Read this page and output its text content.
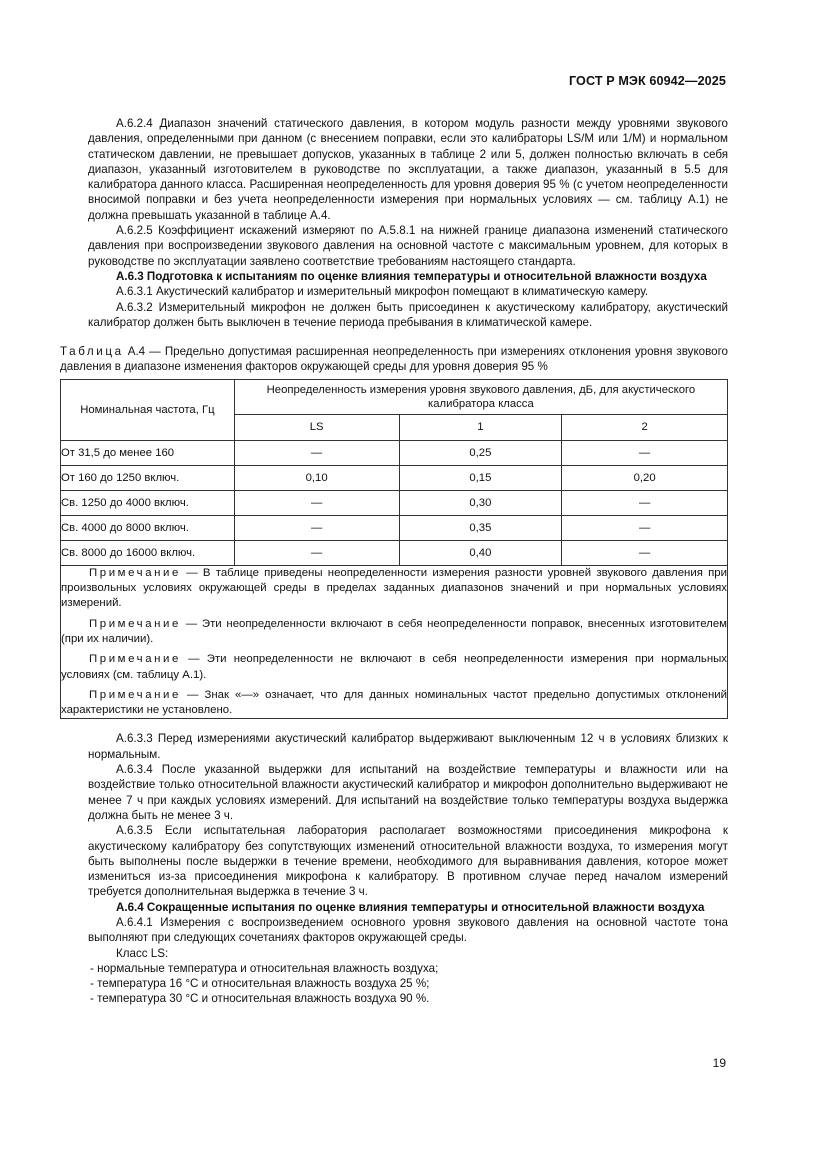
ГОСТ Р МЭК 60942—2025

А.6.2.4 Диапазон значений статического давления, в котором модуль разности между уровнями звукового давления, определенными при данном (с внесением поправки, если это калибраторы LS/M или 1/M) и нормальном статическом давлении, не превышает допусков, указанных в таблице 2 или 5, должен полностью включать в себя диапазон, указанный изготовителем в руководстве по эксплуатации, а также диапазон, указанный в 5.5 для калибратора данного класса. Расширенная неопределенность для уровня доверия 95 % (с учетом неопределенности вносимой поправки и без учета неопределенности измерения при нормальных условиях — см. таблицу А.1) не должна превышать указанной в таблице А.4.

А.6.2.5 Коэффициент искажений измеряют по А.5.8.1 на нижней границе диапазона изменений статического давления при воспроизведении звукового давления на основной частоте с максимальным уровнем, для которых в руководстве по эксплуатации заявлено соответствие требованиям настоящего стандарта.

А.6.3 Подготовка к испытаниям по оценке влияния температуры и относительной влажности воздуха

А.6.3.1 Акустический калибратор и измерительный микрофон помещают в климатическую камеру.

А.6.3.2 Измерительный микрофон не должен быть присоединен к акустическому калибратору, акустический калибратор должен быть выключен в течение периода пребывания в климатической камере.

Таблица А.4 — Предельно допустимая расширенная неопределенность при измерениях отклонения уровня звукового давления в диапазоне изменения факторов окружающей среды для уровня доверия 95 %

Номинальная частота, Гц	Неопределенность измерения уровня звукового давления, дБ, для акустического калибратора класса		
	LS	1	2
От 31,5 до менее 160	—	0,25	—
От 160 до 1250 включ.	0,10	0,15	0,20
Св. 1250 до 4000 включ.	—	0,30	—
Св. 4000 до 8000 включ.	—	0,35	—
Св. 8000 до 16000 включ.	—	0,40	—

Примечание — В таблице приведены неопределенности измерения разности уровней звукового давления при произвольных условиях окружающей среды в пределах заданных диапазонов значений и при нормальных условиях измерений.

Примечание — Эти неопределенности включают в себя неопределенности поправок, внесенных изготовителем (при их наличии).

Примечание — Эти неопределенности не включают в себя неопределенности измерения при нормальных условиях (см. таблицу А.1).

Примечание — Знак «—» означает, что для данных номинальных частот предельно допустимых отклонений характеристики не установлено.			

А.6.3.3 Перед измерениями акустический калибратор выдерживают выключенным 12 ч в условиях близких к нормальным.

А.6.3.4 После указанной выдержки для испытаний на воздействие температуры и влажности или на воздействие только относительной влажности акустический калибратор и микрофон дополнительно выдерживают не менее 7 ч при каждых условиях измерений. Для испытаний на воздействие только температуры воздуха выдержка должна быть не менее 3 ч.

А.6.3.5 Если испытательная лаборатория располагает возможностями присоединения микрофона к акустическому калибратору без сопутствующих изменений относительной влажности воздуха, то измерения могут быть выполнены после выдержки в течение времени, необходимого для выравнивания давления, которое может измениться из-за присоединения микрофона к калибратору. В противном случае перед началом измерений требуется дополнительная выдержка в течение 3 ч.

А.6.4 Сокращенные испытания по оценке влияния температуры и относительной влажности воздуха

А.6.4.1 Измерения с воспроизведением основного уровня звукового давления на основной частоте тона выполняют при следующих сочетаниях факторов окружающей среды.

Класс LS:

- нормальные температура и относительная влажность воздуха;

- температура 16 °С и относительная влажность воздуха 25 %;

- температура 30 °С и относительная влажность воздуха 90 %.

19
